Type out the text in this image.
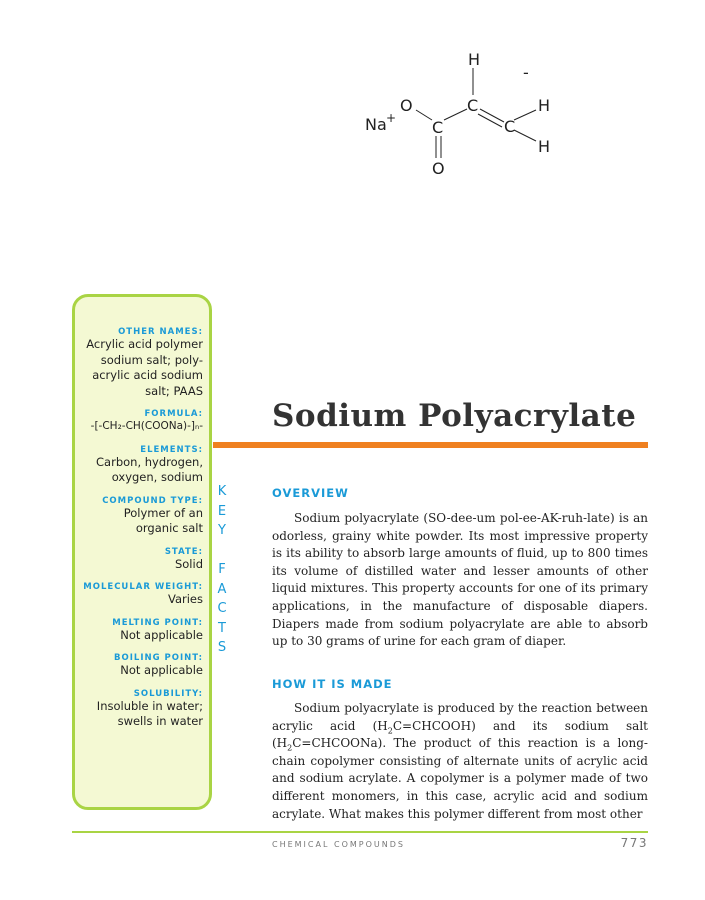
H
-
O	C	H
Na + C	C
H
O
OTHER NAMES:
Acrylic acid polymer sodium salt; poly-acrylic acid sodium salt; PAAS
FORMULA:
-[-CH₂-CH(COONa)-]ₙ-
ELEMENTS:
Carbon, hydrogen, oxygen, sodium
COMPOUND TYPE:
Polymer of an organic salt
STATE:
Solid
MOLECULAR WEIGHT:
Varies
MELTING POINT:
Not applicable
BOILING POINT:
Not applicable
SOLUBILITY:
Insoluble in water; swells in water
K
E
Y
F
A
C
T
S
Sodium Polyacrylate
OVERVIEW
Sodium polyacrylate (SO-dee-um pol-ee-AK-ruh-late) is an odorless, grainy white powder. Its most impressive property is its ability to absorb large amounts of fluid, up to 800 times its volume of distilled water and lesser amounts of other liquid mixtures. This property accounts for one of its primary applications, in the manufacture of disposable diapers. Diapers made from sodium polyacrylate are able to absorb up to 30 grams of urine for each gram of diaper.
HOW IT IS MADE
Sodium polyacrylate is produced by the reaction between acrylic acid $(H_2C=CHCOOH)$ and its sodium salt $(H_2C=CHCOONa)$. The product of this reaction is a long-chain copolymer consisting of alternate units of acrylic acid and sodium acrylate. A copolymer is a polymer made of two different monomers, in this case, acrylic acid and sodium acrylate. What makes this polymer different from most other
CHEMICAL COMPOUNDS	773
